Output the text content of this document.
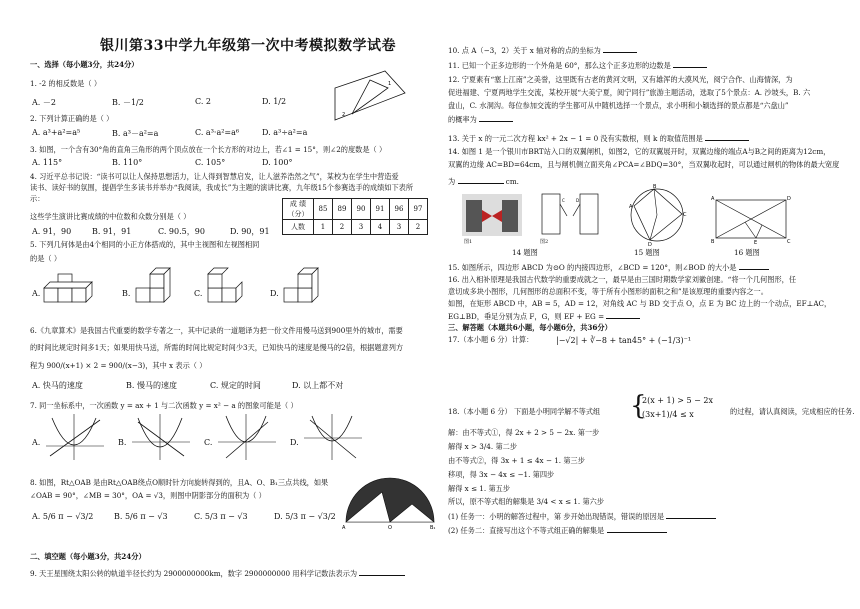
银川第33中学九年级第一次中考模拟数学试卷
一、选择（每小题3分，共24分）
1. -2 的相反数是（ ）
A. －2	B. －1/2	C. 2	D. 1/2
2
1
2. 下列计算正确的是（ ）
A. a³+a²=a⁵	B. a³－a²=a	C. a³·a²=a⁶	D. a³÷a²=a
3. 如图，一个含有30°角的直角三角形的两个顶点放在一个长方形的对边上，若∠1 = 15°，则∠2的度数是（ ）
A. 115°	B. 110°	C. 105°	D. 100°
4. 习近平总书记说：“读书可以让人保持思想活力，让人得到智慧启发，让人滋养浩然之气”，某校为在学生中营造爱
读书、读好书的氛围，提倡学生多读书并举办“我阅读，我成长”为主题的演讲比赛，九年级15个参赛选手的成绩如下表所
示：
成 绩（分）	85	89	90	91	96	97
人数	1	2	3	4	3	2
这些学生演讲比赛成绩的中位数和众数分别是（ ）
A. 91，90	B. 91，91	C. 90.5，90	D. 90，91
5. 下列几何体是由4个相同的小正方体搭成的，其中主视图和左视图相同
的是（ ）
A.	B.	C.	D.
6.《九章算术》是我国古代重要的数学专著之一，其中记录的一道题译为把一份文件用慢马送到900里外的城市，需要
的时间比规定时间多1天；如果用快马送，所需的时间比规定时间少3天，已知快马的速度是慢马的2倍，根据题意列方
程为 900/(x+1) × 2 = 900/(x−3)，其中 x 表示（ ）
A. 快马的速度	B. 慢马的速度	C. 规定的时间	D. 以上都不对
7. 同一坐标系中，一次函数 y = ax + 1 与二次函数 y = x² − a 的图象可能是（ ）
A.	B.	C.	D.
8. 如图，Rt△OAB 是由Rt△OAB绕点O顺时针方向旋转得到的，且A、O、B₁三点共线，如果
∠OAB = 90°，∠MB = 30°，OA = √3，则图中阴影部分的面积为（ ）
A. 5/6 π − √3/2	B. 5/6 π − √3	C. 5/3 π − √3	D. 5/3 π − √3/2
A	O	B₁
二、填空题（每小题3分，共24分）
9. 天王星围绕太阳公转的轨道半径长约为 2900000000km，数字 2900000000 用科学记数法表示为
10. 点 A（−3，2）关于 x 轴对称的点的坐标为
11. 已知一个正多边形的一个外角是 60°，那么这个正多边形的边数是
12. 宁夏素有“塞上江南”之美誉，这里既有古老的黄河文明，又有雄浑的大漠风光，阅宁合作、山海情深，为
促进福建、宁夏两地学生交流，某校开展“大美宁夏，阅宁同行”旅游主题活动，选取了5个景点：A. 沙坡头，B. 六
盘山，C. 水洞沟。每位参加交流的学生都可从中随机选择一个景点，求小明和小颖选择的景点都是“六盘山”
的概率为
13. 关于 x 的一元二次方程 kx² + 2x − 1 = 0 没有实数根，则 k 的取值范围是
14. 如图 1 是一个银川市BRT站入口的双翼闸机，如图2，它的双翼展开时，双翼边缘的端点A与B之间的距离为12cm，
双翼的边缘 AC=BD=64cm，且与闸机侧立面夹角∠PCA=∠BDQ=30°，当双翼收起时，可以通过闸机的物体的最大宽度
为	cm.
图1
C	D
图2
14 题图
A
B
C
D
15 题图
A	D
B	C
E
16 题图
15. 如图所示，四边形 ABCD 为⊙O 的内接四边形，∠BCD = 120°，则∠BOD 的大小是
16. 出入相补原理是我国古代数学的重要成就之一，最早是由三国时期数学家刘徽创建。“将一个几何图形，任
意切成多块小图形，几何图形的总面积不变，等于所有小图形的面积之和”是该原理的重要内容之一。
如图，在矩形 ABCD 中，AB = 5，AD = 12，对角线 AC 与 BD 交于点 O，点 E 为 BC 边上的一个动点，EF⊥AC，
EG⊥BD，垂足分别为点 F，G，则 EF + EG =
三、解答题（本题共6小题，每小题6分，共36分）
17.（本小题 6 分）计算：	|−√2| + ∛−8 + tan45° + (−1/3)⁻¹
18.（本小题 6 分） 下面是小明同学解不等式组 {
2(x + 1) > 5 − 2x
(3x+1)/4 ≤ x	的过程，请认真阅读，完成相应的任务.
解：由不等式①，得 2x + 2 > 5 − 2x. 第一步
解得 x > 3/4. 第二步
由不等式②，得 3x + 1 ≤ 4x − 1. 第三步
移项，得 3x − 4x ≤ −1. 第四步
解得 x ≤ 1. 第五步
所以，原不等式组的解集是 3/4 < x ≤ 1. 第六步
(1) 任务一：小明的解答过程中，第 步开始出现错误，错误的原因是
(2) 任务二：直接写出这个不等式组正确的解集是
